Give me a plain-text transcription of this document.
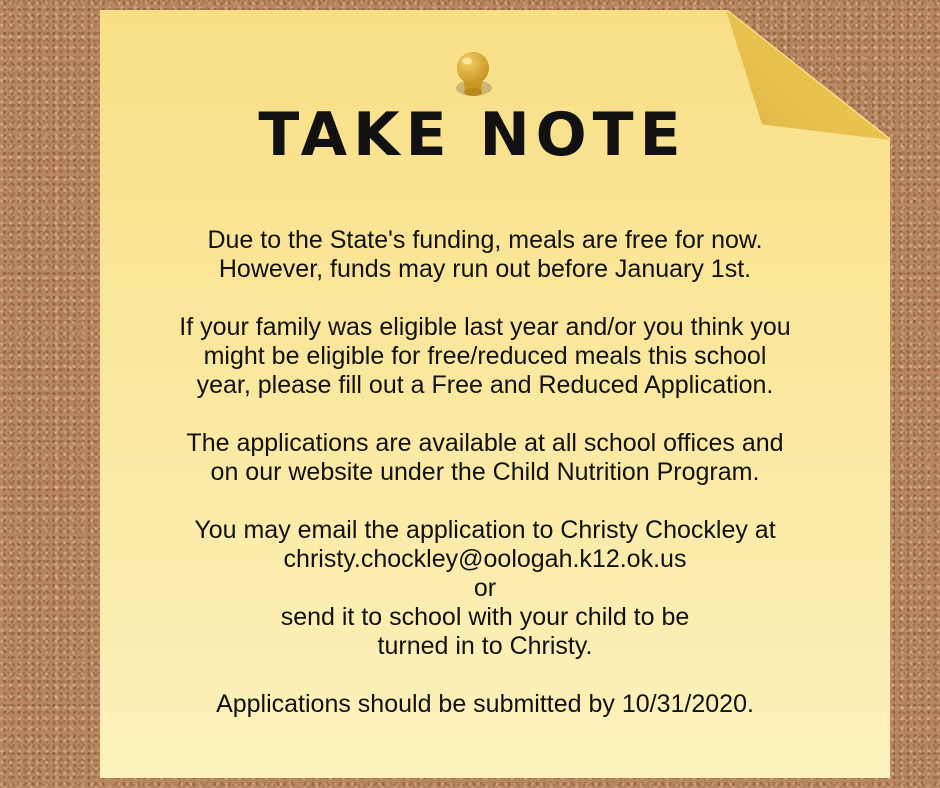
TAKE NOTE

Due to the State's funding, meals are free for now.
However, funds may run out before January 1st.

If your family was eligible last year and/or you think you
might be eligible for free/reduced meals this school
year, please fill out a Free and Reduced Application.

The applications are available at all school offices and
on our website under the Child Nutrition Program.

You may email the application to Christy Chockley at
christy.chockley@oologah.k12.ok.us
or
send it to school with your child to be
turned in to Christy.

Applications should be submitted by 10/31/2020.
